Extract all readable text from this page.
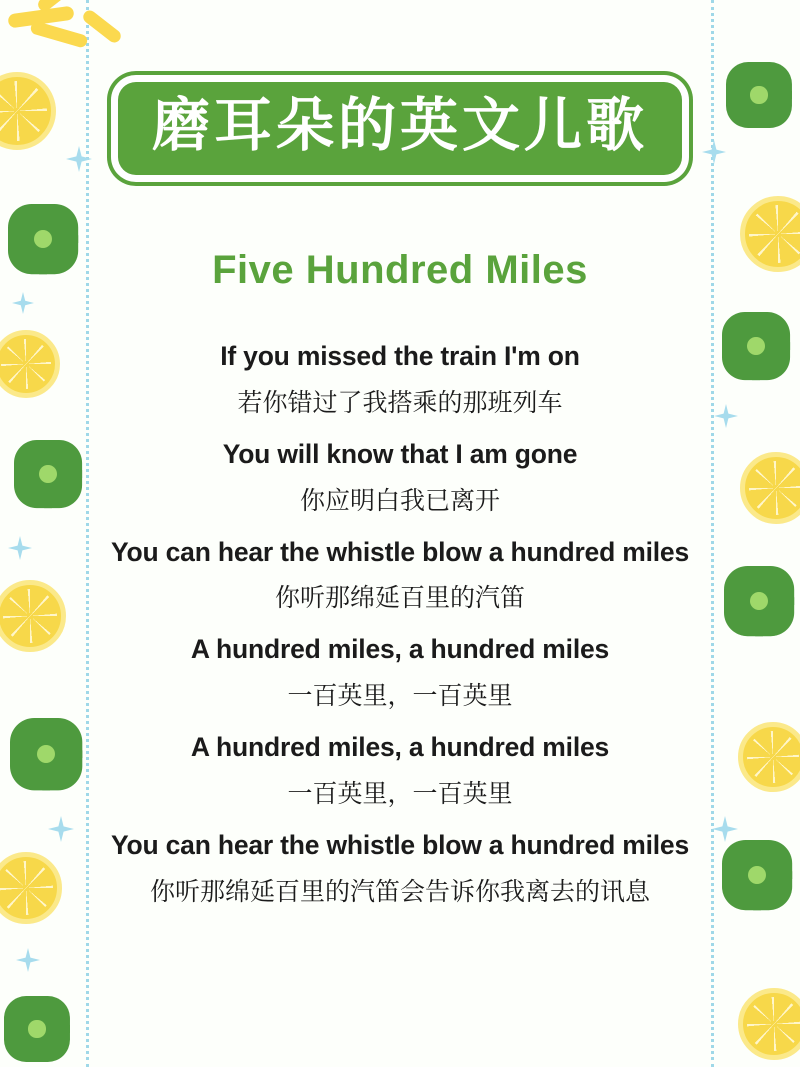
磨耳朵的英文儿歌
Five Hundred Miles
If you missed the train I'm on
若你错过了我搭乘的那班列车
You will know that I am gone
你应明白我已离开
You can hear the whistle blow a hundred miles
你听那绵延百里的汽笛
A hundred miles, a hundred miles
一百英里，一百英里
A hundred miles, a hundred miles
一百英里，一百英里
You can hear the whistle blow a hundred miles
你听那绵延百里的汽笛会告诉你我离去的讯息
